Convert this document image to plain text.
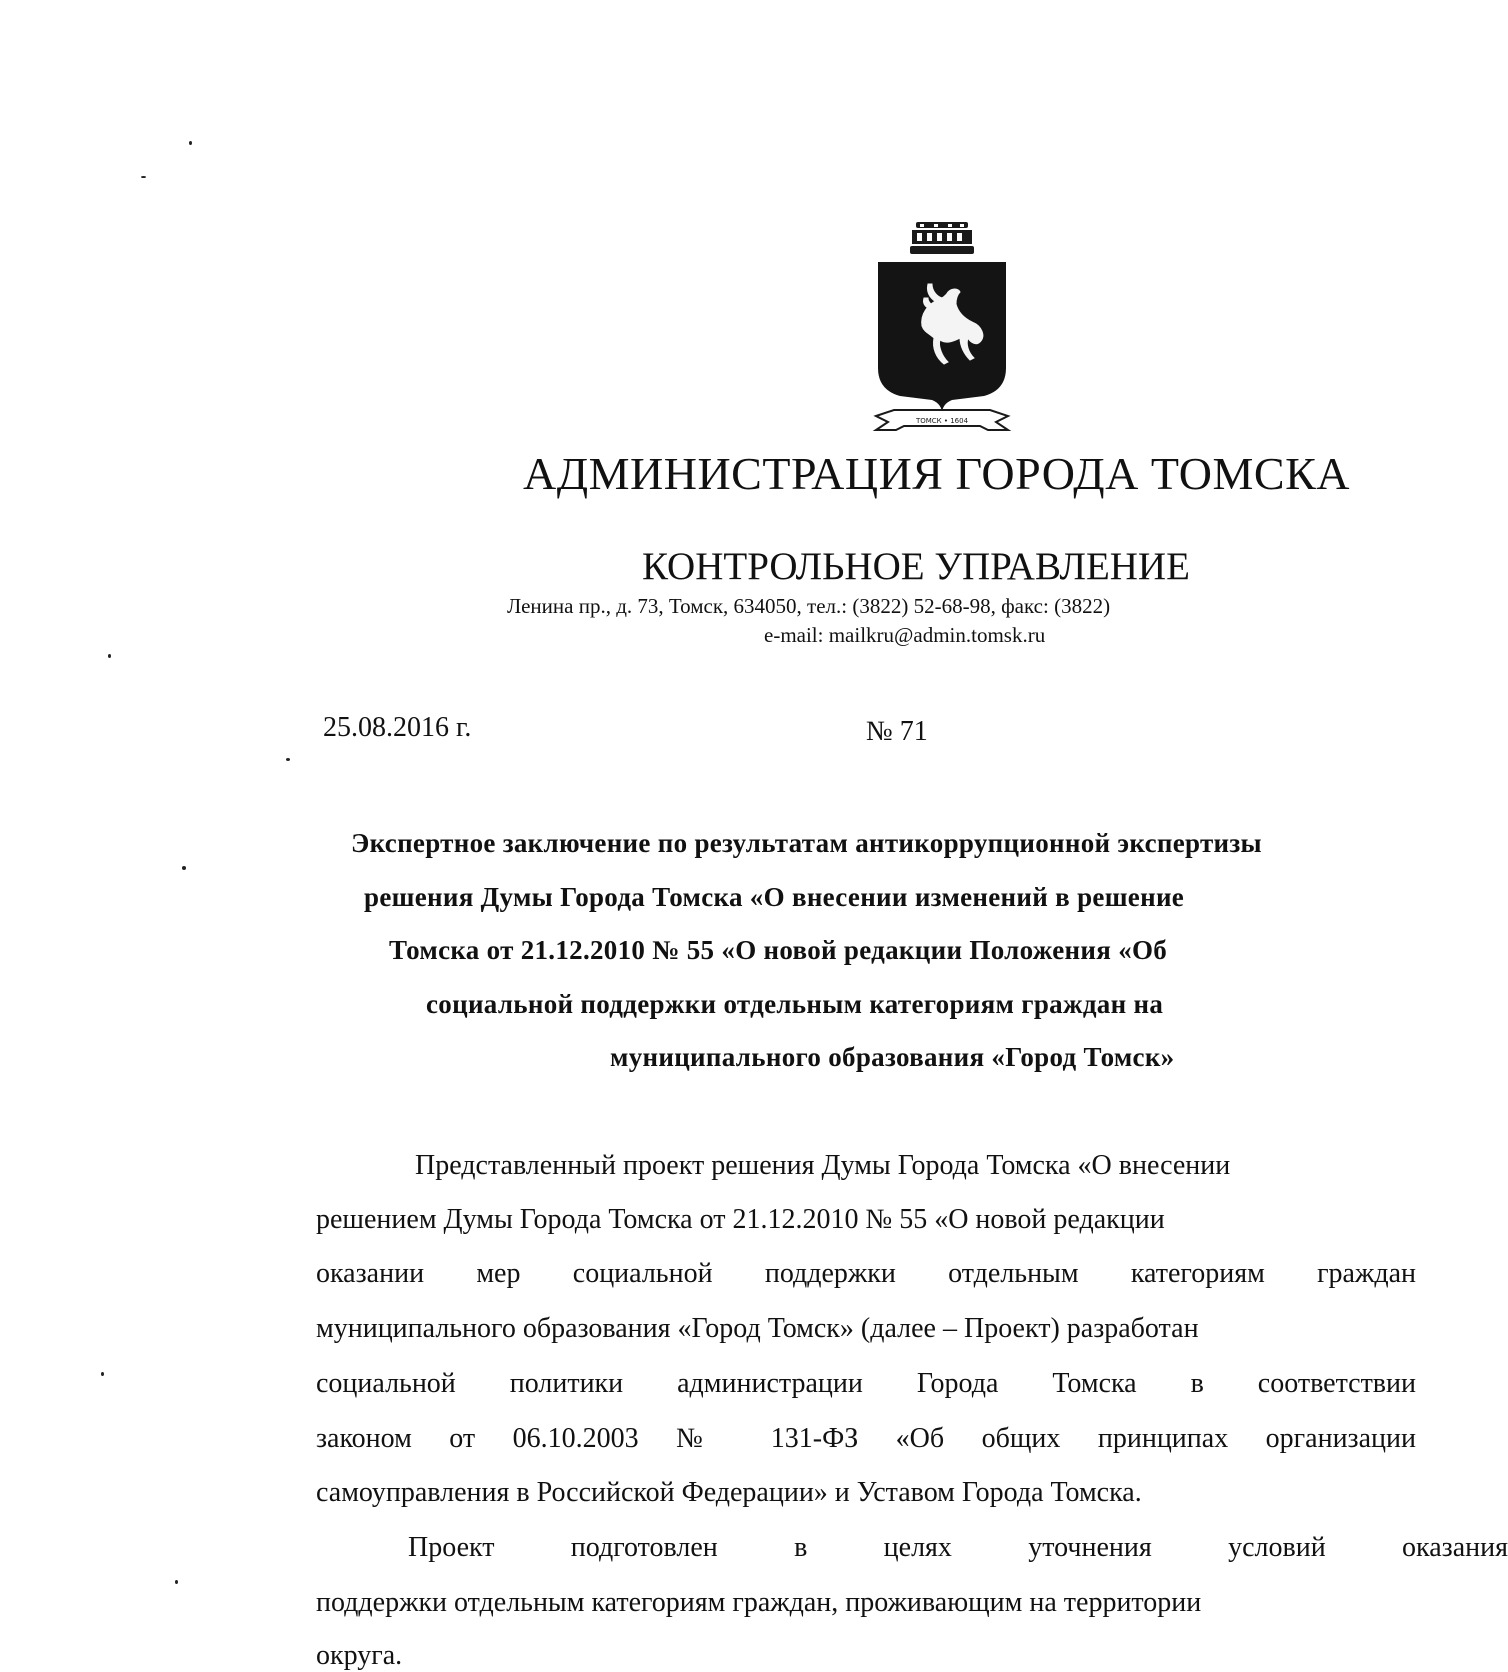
ТОМСК • 1604
АДМИНИСТРАЦИЯ ГОРОДА ТОМСКА
КОНТРОЛЬНОЕ УПРАВЛЕНИЕ
Ленина пр., д. 73, Томск, 634050, тел.: (3822) 52-68-98, факс: (3822)
e-mail: mailkru@admin.tomsk.ru
25.08.2016 г.	№ 71
Экспертное заключение по результатам антикоррупционной экспертизы
решения Думы Города Томска «О внесении изменений в решение
Томска от 21.12.2010 № 55 «О новой редакции Положения «Об
социальной поддержки отдельным категориям граждан на
муниципального образования «Город Томск»
Представленный проект решения Думы Города Томска «О внесении
решением Думы Города Томска от 21.12.2010 № 55 «О новой редакции
оказании мер социальной поддержки отдельным категориям граждан
муниципального образования «Город Томск» (далее – Проект) разработан
социальной политики администрации Города Томска в соответствии
законом от 06.10.2003 № 131-ФЗ «Об общих принципах организации
самоуправления в Российской Федерации» и Уставом Города Томска.
Проект подготовлен в целях уточнения условий оказания
поддержки отдельным категориям граждан, проживающим на территории
округа.
